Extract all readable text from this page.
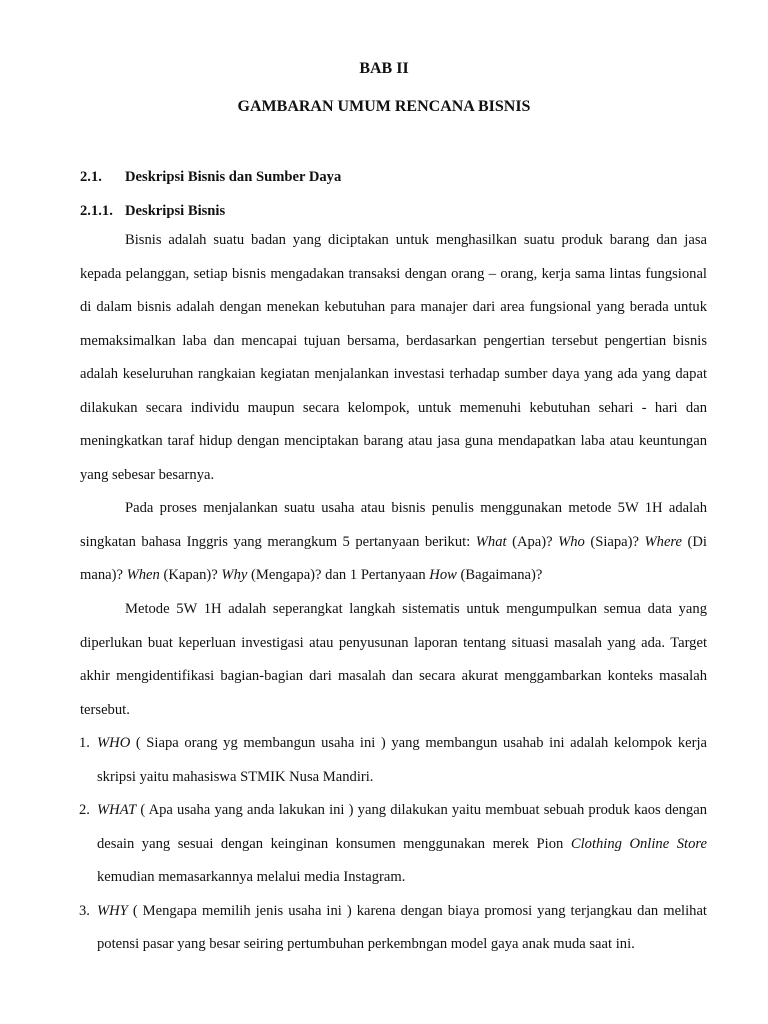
BAB II
GAMBARAN UMUM RENCANA BISNIS
2.1. Deskripsi Bisnis dan Sumber Daya
2.1.1. Deskripsi Bisnis

Bisnis adalah suatu badan yang diciptakan untuk menghasilkan suatu produk barang dan jasa kepada pelanggan, setiap bisnis mengadakan transaksi dengan orang – orang, kerja sama lintas fungsional di dalam bisnis adalah dengan menekan kebutuhan para manajer dari area fungsional yang berada untuk memaksimalkan laba dan mencapai tujuan bersama, berdasarkan pengertian tersebut pengertian bisnis adalah keseluruhan rangkaian kegiatan menjalankan investasi terhadap sumber daya yang ada yang dapat dilakukan secara individu maupun secara kelompok, untuk memenuhi kebutuhan sehari - hari dan meningkatkan taraf hidup dengan menciptakan barang atau jasa guna mendapatkan laba atau keuntungan yang sebesar besarnya.

Pada proses menjalankan suatu usaha atau bisnis penulis menggunakan metode 5W 1H adalah singkatan bahasa Inggris yang merangkum 5 pertanyaan berikut: What (Apa)? Who (Siapa)? Where (Di mana)? When (Kapan)? Why (Mengapa)? dan 1 Pertanyaan How (Bagaimana)?

Metode 5W 1H adalah seperangkat langkah sistematis untuk mengumpulkan semua data yang diperlukan buat keperluan investigasi atau penyusunan laporan tentang situasi masalah yang ada. Target akhir mengidentifikasi bagian-bagian dari masalah dan secara akurat menggambarkan konteks masalah tersebut.

1. WHO ( Siapa orang yg membangun usaha ini ) yang membangun usahab ini adalah kelompok kerja skripsi yaitu mahasiswa STMIK Nusa Mandiri.
2. WHAT ( Apa usaha yang anda lakukan ini ) yang dilakukan yaitu membuat sebuah produk kaos dengan desain yang sesuai dengan keinginan konsumen menggunakan merek Pion Clothing Online Store kemudian memasarkannya melalui media Instagram.
3. WHY ( Mengapa memilih jenis usaha ini ) karena dengan biaya promosi yang terjangkau dan melihat potensi pasar yang besar seiring pertumbuhan perkembngan model gaya anak muda saat ini.
